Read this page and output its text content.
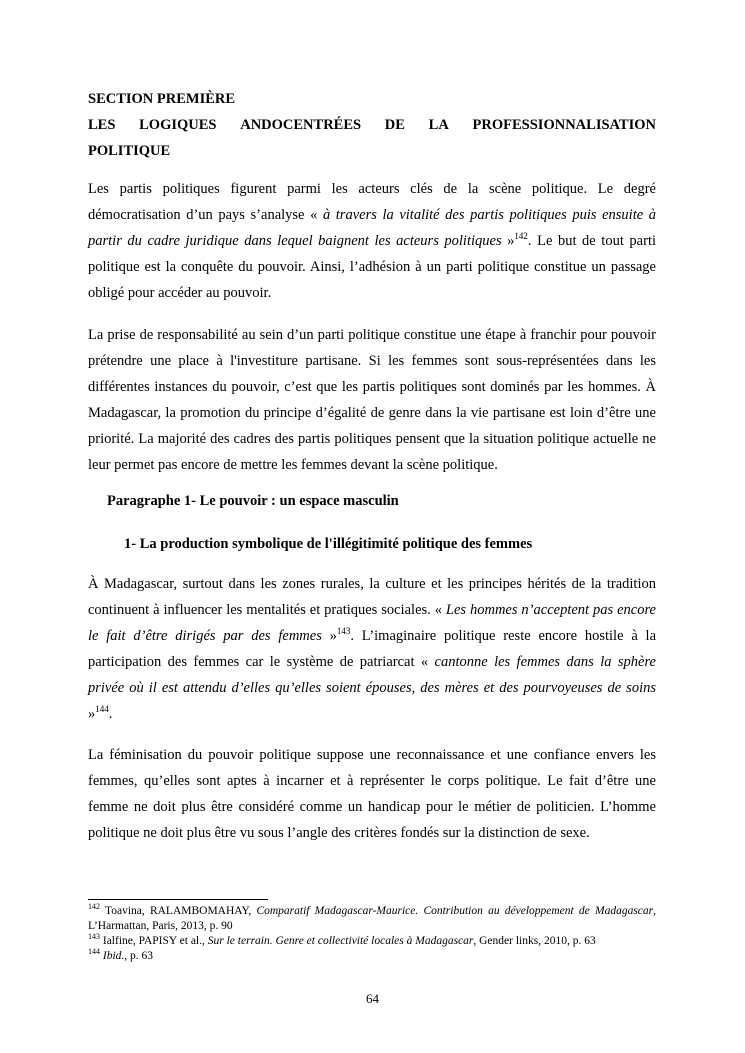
SECTION PREMIÈRE
LES LOGIQUES ANDOCENTRÉES DE LA PROFESSIONNALISATION
POLITIQUE

Les partis politiques figurent parmi les acteurs clés de la scène politique. Le degré démocratisation d’un pays s’analyse « à travers la vitalité des partis politiques puis ensuite à partir du cadre juridique dans lequel baignent les acteurs politiques »$^{142}$. Le but de tout parti politique est la conquête du pouvoir. Ainsi, l’adhésion à un parti politique constitue un passage obligé pour accéder au pouvoir.

La prise de responsabilité au sein d’un parti politique constitue une étape à franchir pour pouvoir prétendre une place à l'investiture partisane. Si les femmes sont sous-représentées dans les différentes instances du pouvoir, c’est que les partis politiques sont dominés par les hommes. À Madagascar, la promotion du principe d’égalité de genre dans la vie partisane est loin d’être une priorité. La majorité des cadres des partis politiques pensent que la situation politique actuelle ne leur permet pas encore de mettre les femmes devant la scène politique.

Paragraphe 1- Le pouvoir : un espace masculin
1- La production symbolique de l'illégitimité politique des femmes

À Madagascar, surtout dans les zones rurales, la culture et les principes hérités de la tradition continuent à influencer les mentalités et pratiques sociales. « Les hommes n’acceptent pas encore le fait d’être dirigés par des femmes »$^{143}$. L’imaginaire politique reste encore hostile à la participation des femmes car le système de patriarcat « cantonne les femmes dans la sphère privée où il est attendu d’elles qu’elles soient épouses, des mères et des pourvoyeuses de soins »$^{144}$.

La féminisation du pouvoir politique suppose une reconnaissance et une confiance envers les femmes, qu’elles sont aptes à incarner et à représenter le corps politique. Le fait d’être une femme ne doit plus être considéré comme un handicap pour le métier de politicien. L’homme politique ne doit plus être vu sous l’angle des critères fondés sur la distinction de sexe.

$^{142}$ Toavina, RALAMBOMAHAY, Comparatif Madagascar-Maurice. Contribution au développement de Madagascar, L’Harmattan, Paris, 2013, p. 90
$^{143}$ Ialfine, PAPISY et al., Sur le terrain. Genre et collectivité locales à Madagascar, Gender links, 2010, p. 63
$^{144}$ Ibid., p. 63
64
